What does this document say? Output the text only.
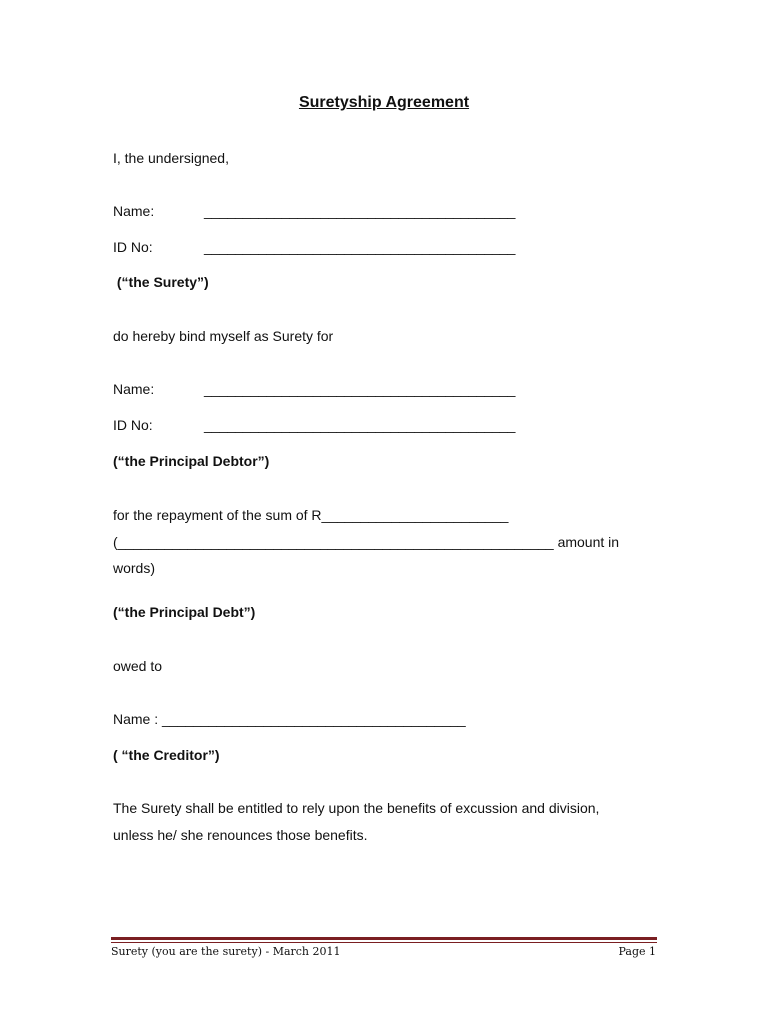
Suretyship Agreement
I, the undersigned,
Name:	________________________________________
ID No:	________________________________________
(“the Surety”)
do hereby bind myself as Surety for
Name:	________________________________________
ID No:	________________________________________
(“the Principal Debtor”)
for the repayment of the sum of R________________________
(________________________________________________________ amount in
words)
(“the Principal Debt”)
owed to
Name : _______________________________________
( “the Creditor”)
The Surety shall be entitled to rely upon the benefits of excussion and division,
unless he/ she renounces those benefits.
Surety (you are the surety) - March 2011	Page 1
